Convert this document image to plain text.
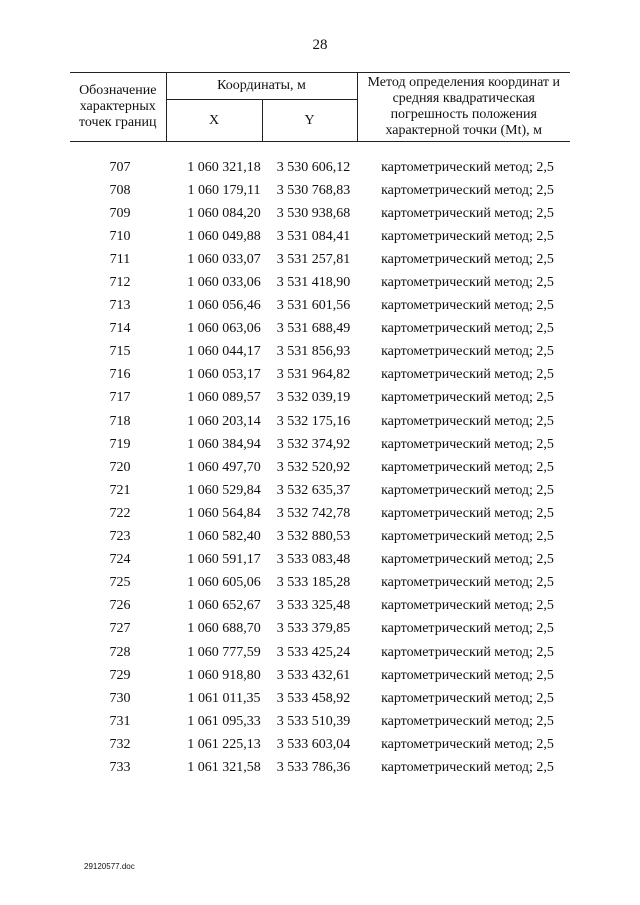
28
Обозначение характерных точек границ	Координаты, м		Метод определения координат и средняя квадратическая погрешность положения характерной точки (Mt), м
	X	Y	
707	1 060 321,18	3 530 606,12	картометрический метод; 2,5
708	1 060 179,11	3 530 768,83	картометрический метод; 2,5
709	1 060 084,20	3 530 938,68	картометрический метод; 2,5
710	1 060 049,88	3 531 084,41	картометрический метод; 2,5
711	1 060 033,07	3 531 257,81	картометрический метод; 2,5
712	1 060 033,06	3 531 418,90	картометрический метод; 2,5
713	1 060 056,46	3 531 601,56	картометрический метод; 2,5
714	1 060 063,06	3 531 688,49	картометрический метод; 2,5
715	1 060 044,17	3 531 856,93	картометрический метод; 2,5
716	1 060 053,17	3 531 964,82	картометрический метод; 2,5
717	1 060 089,57	3 532 039,19	картометрический метод; 2,5
718	1 060 203,14	3 532 175,16	картометрический метод; 2,5
719	1 060 384,94	3 532 374,92	картометрический метод; 2,5
720	1 060 497,70	3 532 520,92	картометрический метод; 2,5
721	1 060 529,84	3 532 635,37	картометрический метод; 2,5
722	1 060 564,84	3 532 742,78	картометрический метод; 2,5
723	1 060 582,40	3 532 880,53	картометрический метод; 2,5
724	1 060 591,17	3 533 083,48	картометрический метод; 2,5
725	1 060 605,06	3 533 185,28	картометрический метод; 2,5
726	1 060 652,67	3 533 325,48	картометрический метод; 2,5
727	1 060 688,70	3 533 379,85	картометрический метод; 2,5
728	1 060 777,59	3 533 425,24	картометрический метод; 2,5
729	1 060 918,80	3 533 432,61	картометрический метод; 2,5
730	1 061 011,35	3 533 458,92	картометрический метод; 2,5
731	1 061 095,33	3 533 510,39	картометрический метод; 2,5
732	1 061 225,13	3 533 603,04	картометрический метод; 2,5
733	1 061 321,58	3 533 786,36	картометрический метод; 2,5
29120577.doc
